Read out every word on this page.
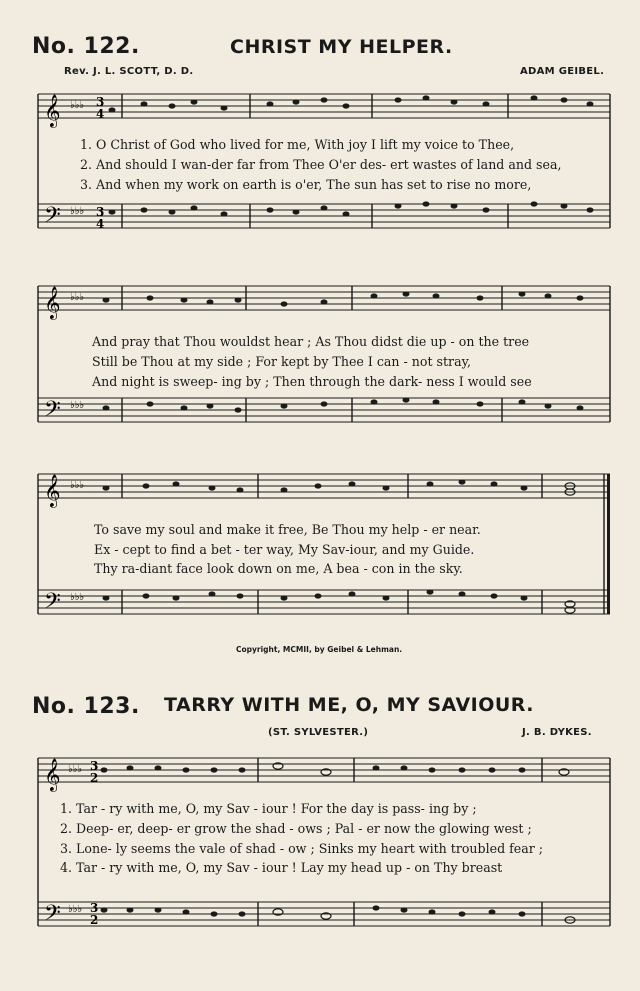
No. 122.	CHRIST MY HELPER.
Rev. J. L. SCOTT, D. D.	ADAM GEIBEL.
𝄞
𝄢
♭♭♭
♭♭♭
3
4
3
4
1. O Christ of God who lived for me, With joy I lift my voice to Thee,
2. And should I wan-der far from Thee O'er des- ert wastes of land and sea,
3. And when my work on earth is o'er, The sun has set to rise no more,
𝄞
𝄢
♭♭♭
♭♭♭
And pray that Thou wouldst hear ; As Thou didst die up - on the tree
Still be Thou at my side ; For kept by Thee I can - not stray,
And night is sweep- ing by ; Then through the dark- ness I would see
𝄞
𝄢
♭♭♭
♭♭♭
To save my soul and make it free, Be Thou my help - er near.
Ex - cept to find a bet - ter way, My Sav-iour, and my Guide.
Thy ra-diant face look down on me, A bea - con in the sky.
Copyright, MCMII, by Geibel & Lehman.
No. 123. TARRY WITH ME, O, MY SAVIOUR.
(ST. SYLVESTER.)	J. B. DYKES.
𝄞
𝄢
♭♭♭
♭♭♭
3
2
3
2
1. Tar - ry with me, O, my Sav - iour ! For the day is pass- ing by ;
2. Deep- er, deep- er grow the shad - ows ; Pal - er now the glowing west ;
3. Lone- ly seems the vale of shad - ow ; Sinks my heart with troubled fear ;
4. Tar - ry with me, O, my Sav - iour ! Lay my head up - on Thy breast
